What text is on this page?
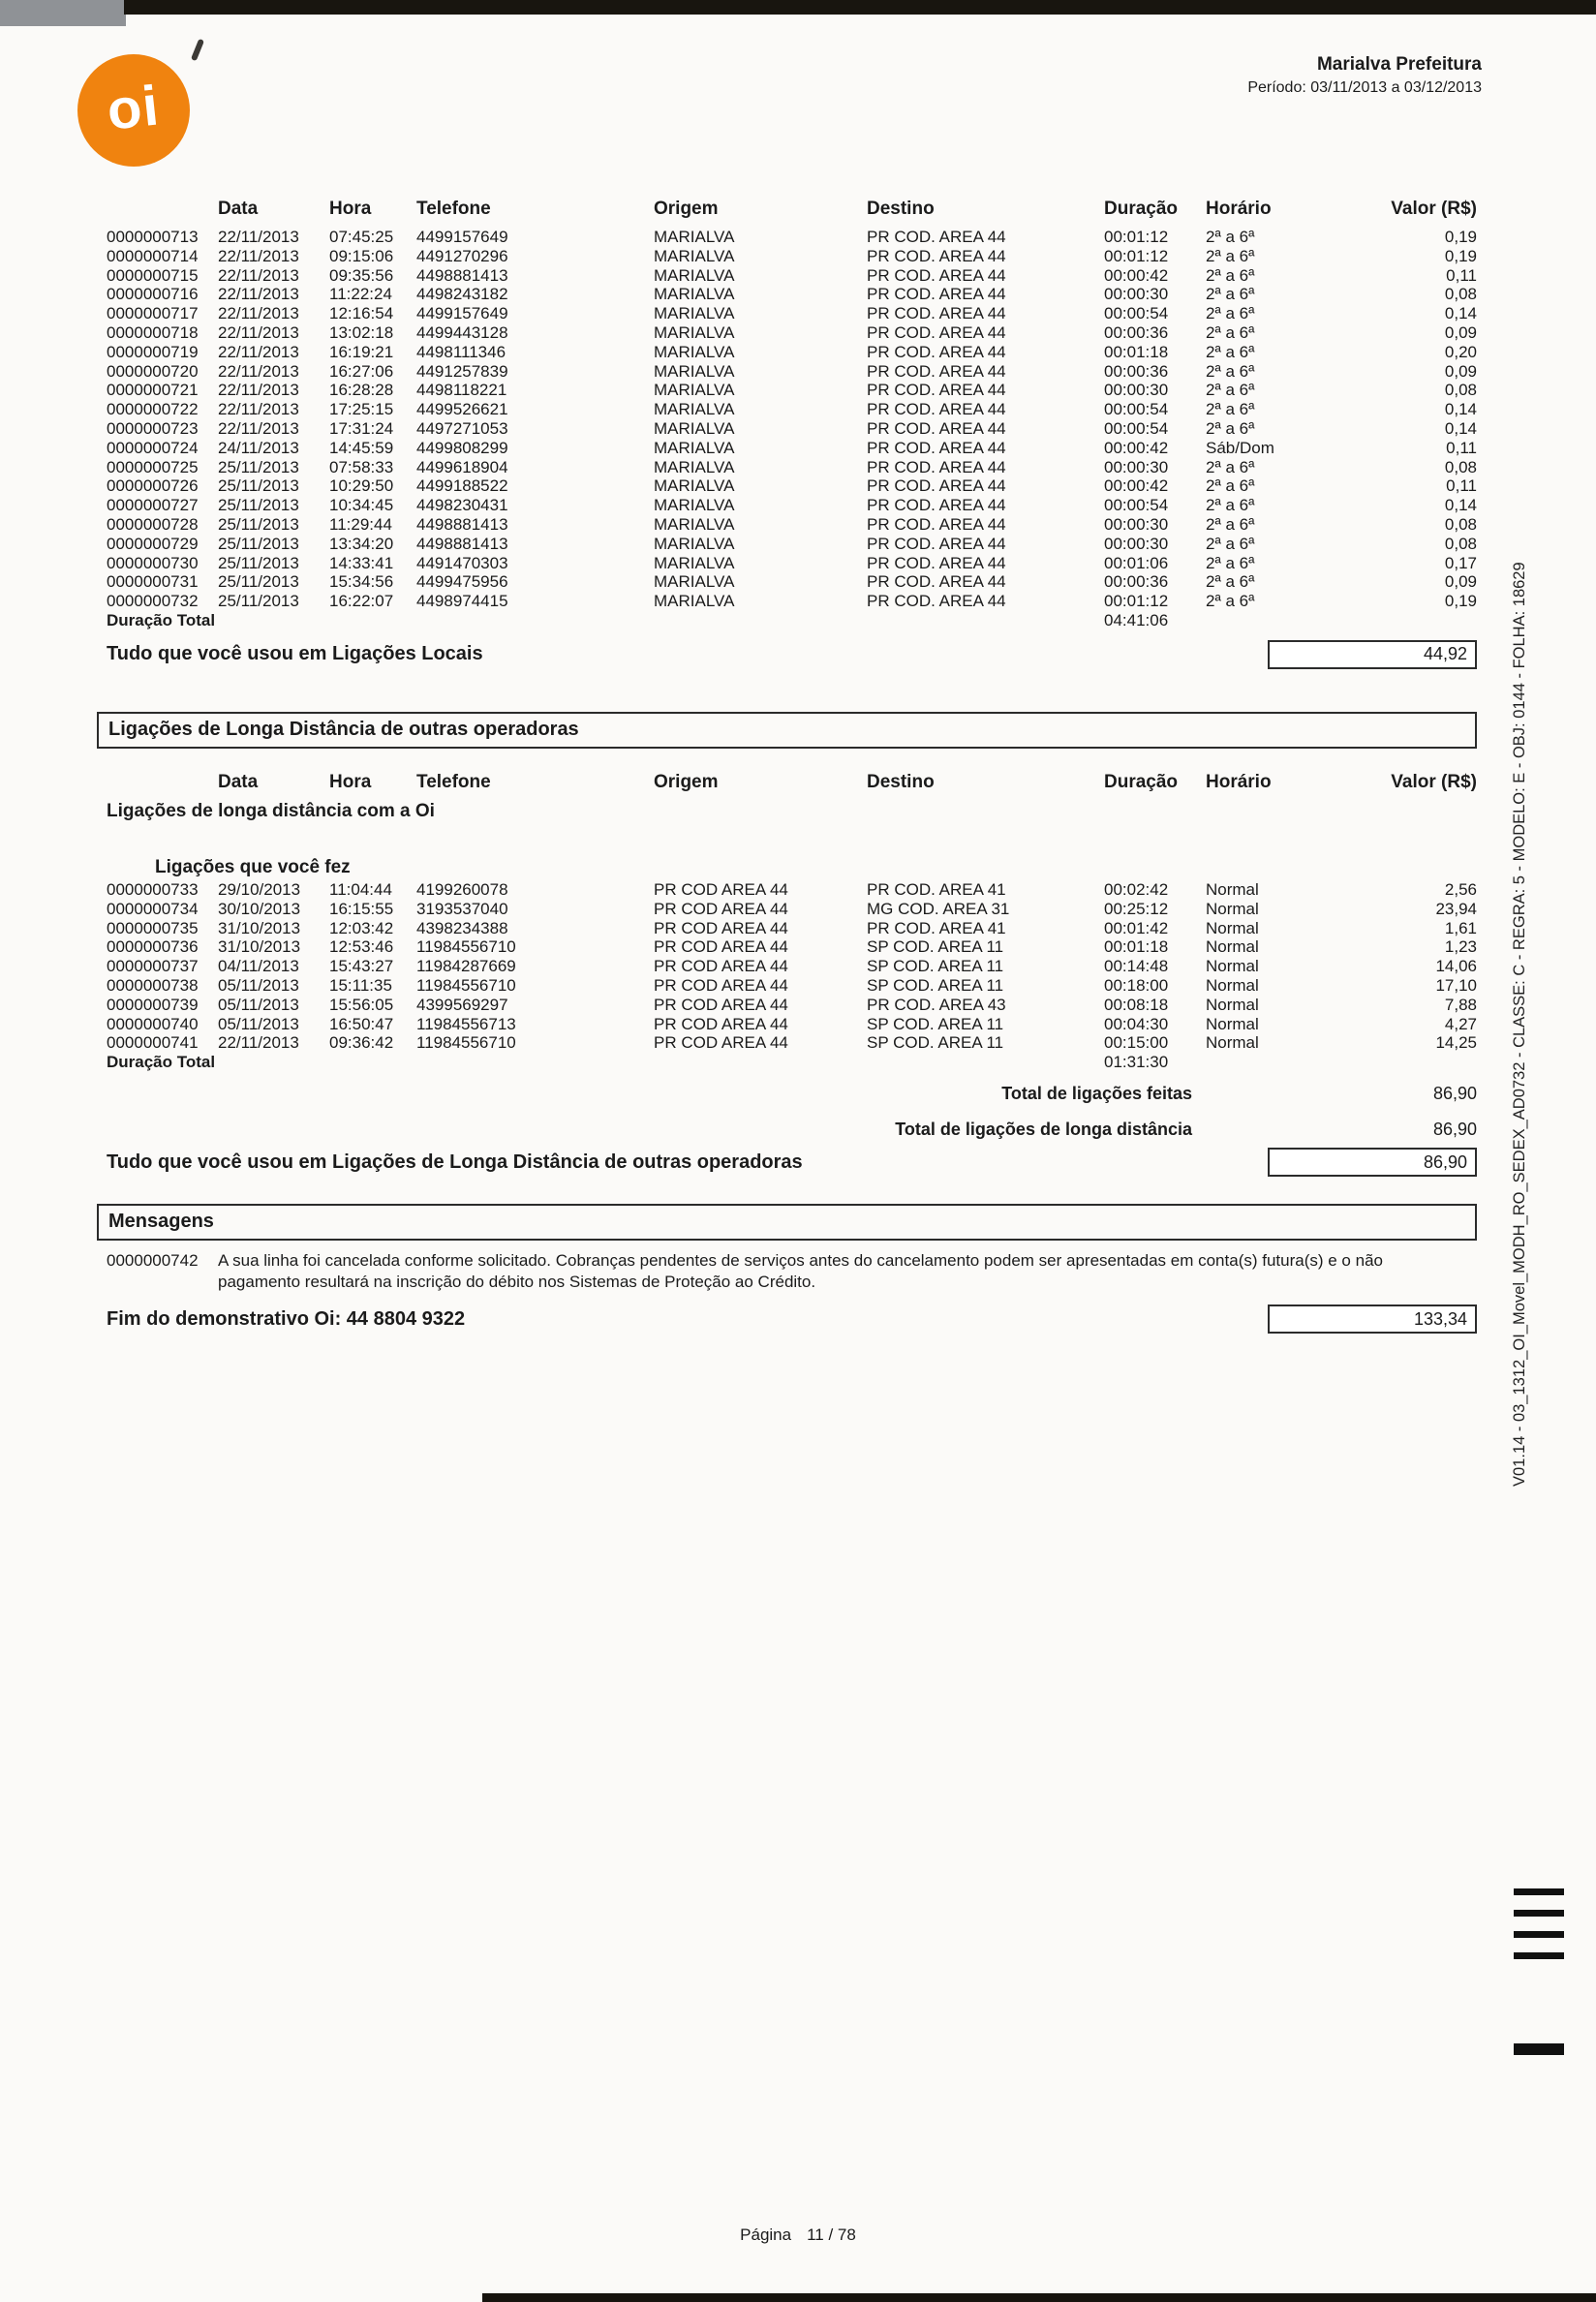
oi
Marialva Prefeitura
Período: 03/11/2013 a 03/12/2013
Data	Hora	Telefone	Origem	Destino	Duração	Horário	Valor (R$)
0000000713	22/11/2013	07:45:25	4499157649	MARIALVA	PR COD. AREA 44	00:01:12	2ª a 6ª	0,19
0000000714	22/11/2013	09:15:06	4491270296	MARIALVA	PR COD. AREA 44	00:01:12	2ª a 6ª	0,19
0000000715	22/11/2013	09:35:56	4498881413	MARIALVA	PR COD. AREA 44	00:00:42	2ª a 6ª	0,11
0000000716	22/11/2013	11:22:24	4498243182	MARIALVA	PR COD. AREA 44	00:00:30	2ª a 6ª	0,08
0000000717	22/11/2013	12:16:54	4499157649	MARIALVA	PR COD. AREA 44	00:00:54	2ª a 6ª	0,14
0000000718	22/11/2013	13:02:18	4499443128	MARIALVA	PR COD. AREA 44	00:00:36	2ª a 6ª	0,09
0000000719	22/11/2013	16:19:21	4498111346	MARIALVA	PR COD. AREA 44	00:01:18	2ª a 6ª	0,20
0000000720	22/11/2013	16:27:06	4491257839	MARIALVA	PR COD. AREA 44	00:00:36	2ª a 6ª	0,09
0000000721	22/11/2013	16:28:28	4498118221	MARIALVA	PR COD. AREA 44	00:00:30	2ª a 6ª	0,08
0000000722	22/11/2013	17:25:15	4499526621	MARIALVA	PR COD. AREA 44	00:00:54	2ª a 6ª	0,14
0000000723	22/11/2013	17:31:24	4497271053	MARIALVA	PR COD. AREA 44	00:00:54	2ª a 6ª	0,14
0000000724	24/11/2013	14:45:59	4499808299	MARIALVA	PR COD. AREA 44	00:00:42	Sáb/Dom	0,11
0000000725	25/11/2013	07:58:33	4499618904	MARIALVA	PR COD. AREA 44	00:00:30	2ª a 6ª	0,08
0000000726	25/11/2013	10:29:50	4499188522	MARIALVA	PR COD. AREA 44	00:00:42	2ª a 6ª	0,11
0000000727	25/11/2013	10:34:45	4498230431	MARIALVA	PR COD. AREA 44	00:00:54	2ª a 6ª	0,14
0000000728	25/11/2013	11:29:44	4498881413	MARIALVA	PR COD. AREA 44	00:00:30	2ª a 6ª	0,08
0000000729	25/11/2013	13:34:20	4498881413	MARIALVA	PR COD. AREA 44	00:00:30	2ª a 6ª	0,08
0000000730	25/11/2013	14:33:41	4491470303	MARIALVA	PR COD. AREA 44	00:01:06	2ª a 6ª	0,17
0000000731	25/11/2013	15:34:56	4499475956	MARIALVA	PR COD. AREA 44	00:00:36	2ª a 6ª	0,09
0000000732	25/11/2013	16:22:07	4498974415	MARIALVA	PR COD. AREA 44	00:01:12	2ª a 6ª	0,19
Duração Total	04:41:06
Tudo que você usou em Ligações Locais	44,92
Ligações de Longa Distância de outras operadoras
Data	Hora	Telefone	Origem	Destino	Duração	Horário	Valor (R$)
Ligações de longa distância com a Oi
Ligações que você fez
0000000733	29/10/2013	11:04:44	4199260078	PR COD AREA 44	PR COD. AREA 41	00:02:42	Normal	2,56
0000000734	30/10/2013	16:15:55	3193537040	PR COD AREA 44	MG COD. AREA 31	00:25:12	Normal	23,94
0000000735	31/10/2013	12:03:42	4398234388	PR COD AREA 44	PR COD. AREA 41	00:01:42	Normal	1,61
0000000736	31/10/2013	12:53:46	11984556710	PR COD AREA 44	SP COD. AREA 11	00:01:18	Normal	1,23
0000000737	04/11/2013	15:43:27	11984287669	PR COD AREA 44	SP COD. AREA 11	00:14:48	Normal	14,06
0000000738	05/11/2013	15:11:35	11984556710	PR COD AREA 44	SP COD. AREA 11	00:18:00	Normal	17,10
0000000739	05/11/2013	15:56:05	4399569297	PR COD AREA 44	PR COD. AREA 43	00:08:18	Normal	7,88
0000000740	05/11/2013	16:50:47	11984556713	PR COD AREA 44	SP COD. AREA 11	00:04:30	Normal	4,27
0000000741	22/11/2013	09:36:42	11984556710	PR COD AREA 44	SP COD. AREA 11	00:15:00	Normal	14,25
Duração Total	01:31:30
Total de ligações feitas	86,90
Total de ligações de longa distância	86,90
Tudo que você usou em Ligações de Longa Distância de outras operadoras	86,90
Mensagens
0000000742	A sua linha foi cancelada conforme solicitado. Cobranças pendentes de serviços antes do cancelamento podem ser apresentadas em conta(s) futura(s) e o não pagamento resultará na inscrição do débito nos Sistemas de Proteção ao Crédito.
Fim do demonstrativo Oi: 44 8804 9322	133,34	V01.14 - 03_1312_OI_Movel_MODH_RO_SEDEX_AD0732 - CLASSE: C - REGRA: 5 - MODELO: E - OBJ: 0144 - FOLHA: 18629
Página 11 / 78
